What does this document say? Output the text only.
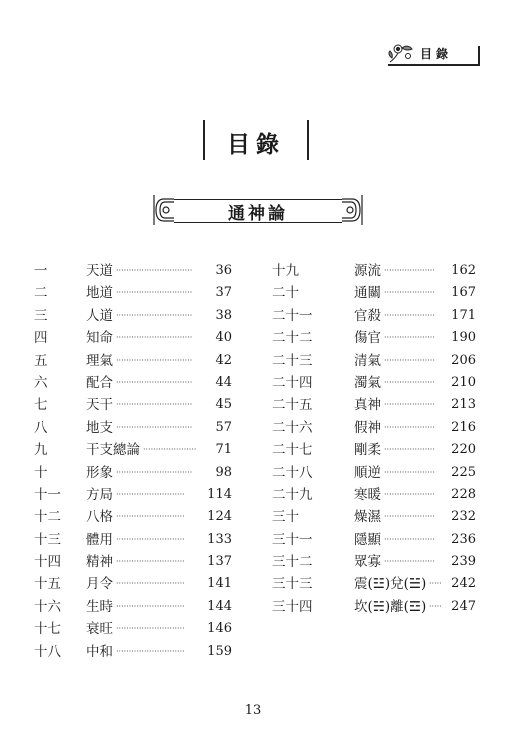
目錄
目錄
通神論
一	天道 ······························	36
二	地道 ······························	37
三	人道 ······························	38
四	知命 ······························	40
五	理氣 ······························	42
六	配合 ······························	44
七	天干 ······························	45
八	地支 ······························	57
九	干支總論 ·····················	71
十	形象 ······························	98
十一 方局 ···························	114
十二 八格 ···························	124
十三 體用 ···························	133
十四 精神 ···························	137
十五 月令 ···························	141
十六 生時 ···························	144
十七 衰旺 ···························	146
十八 中和 ···························	159
十九	源流 ····················	162
二十	通關 ····················	167
二十一	官殺 ····················	171
二十二	傷官 ····················	190
二十三	清氣 ····················	206
二十四	濁氣 ····················	210
二十五	真神 ····················	213
二十六	假神 ····················	216
二十七	剛柔 ····················	220
二十八	順逆 ····················	225
二十九	寒暖 ····················	228
三十	燥濕 ····················	232
三十一	隱顯 ····················	236
三十二	眾寡 ····················	239
三十三	震(☳)兌(☱) ····· 242
三十四	坎(☵)離(☲) ····· 247
13
